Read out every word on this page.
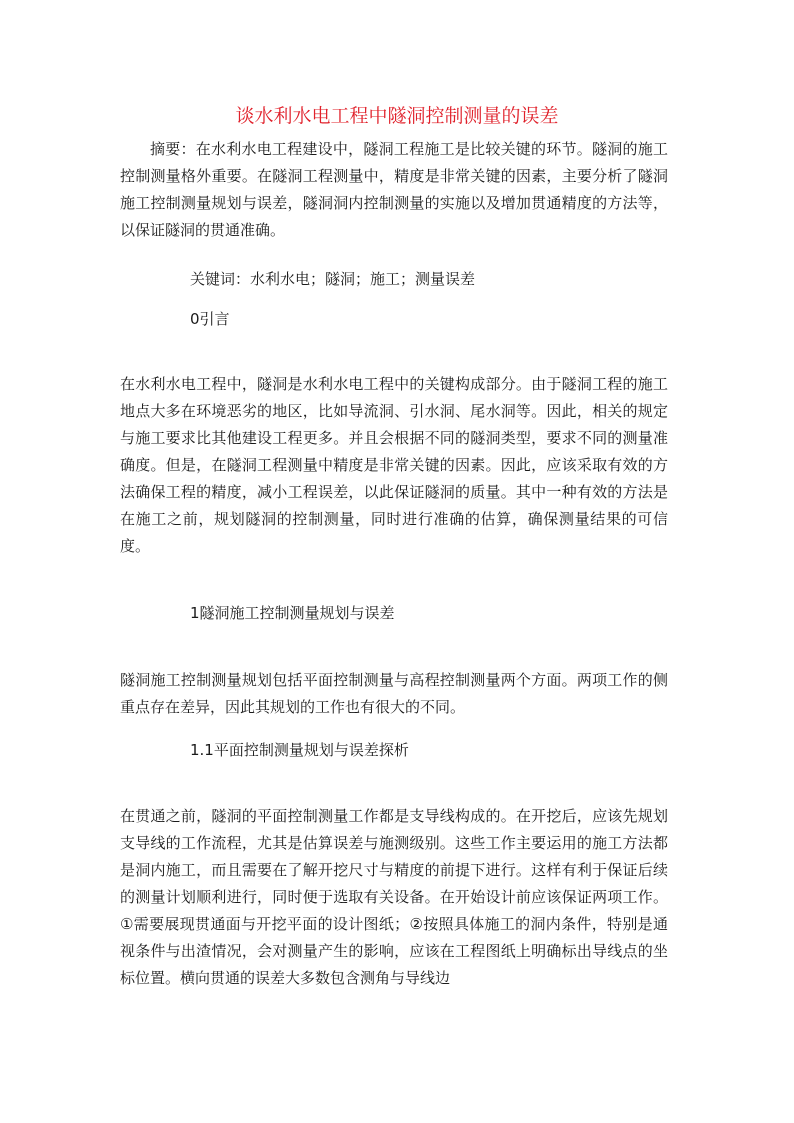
谈水利水电工程中隧洞控制测量的误差

摘要：在水利水电工程建设中，隧洞工程施工是比较关键的环节。隧洞的施工控制测量格外重要。在隧洞工程测量中，精度是非常关键的因素，主要分析了隧洞施工控制测量规划与误差，隧洞洞内控制测量的实施以及增加贯通精度的方法等，以保证隧洞的贯通准确。

关键词：水利水电；隧洞；施工；测量误差
0引言

在水利水电工程中，隧洞是水利水电工程中的关键构成部分。由于隧洞工程的施工地点大多在环境恶劣的地区，比如导流洞、引水洞、尾水洞等。因此，相关的规定与施工要求比其他建设工程更多。并且会根据不同的隧洞类型，要求不同的测量准确度。但是，在隧洞工程测量中精度是非常关键的因素。因此，应该采取有效的方法确保工程的精度，减小工程误差，以此保证隧洞的质量。其中一种有效的方法是在施工之前，规划隧洞的控制测量，同时进行准确的估算，确保测量结果的可信度。

1隧洞施工控制测量规划与误差

隧洞施工控制测量规划包括平面控制测量与高程控制测量两个方面。两项工作的侧重点存在差异，因此其规划的工作也有很大的不同。

1.1平面控制测量规划与误差探析

在贯通之前，隧洞的平面控制测量工作都是支导线构成的。在开挖后，应该先规划支导线的工作流程，尤其是估算误差与施测级别。这些工作主要运用的施工方法都是洞内施工，而且需要在了解开挖尺寸与精度的前提下进行。这样有利于保证后续的测量计划顺利进行，同时便于选取有关设备。在开始设计前应该保证两项工作。①需要展现贯通面与开挖平面的设计图纸；②按照具体施工的洞内条件，特别是通视条件与出渣情况，会对测量产生的影响，应该在工程图纸上明确标出导线点的坐标位置。横向贯通的误差大多数包含测角与导线边
